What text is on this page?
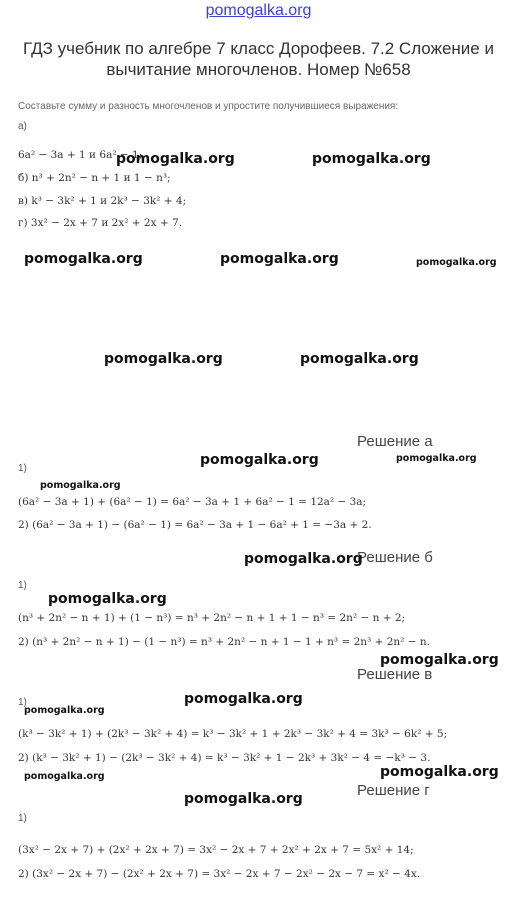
pomogalka.org
ГДЗ учебник по алгебре 7 класс Дорофеев. 7.2 Сложение и
вычитание многочленов. Номер №658
Составьте сумму и разность многочленов и упростите получившиеся выражения:
а)
6a² − 3a + 1 и 6a² − 1;
б) n³ + 2n² − n + 1 и 1 − n³;
в) k³ − 3k² + 1 и 2k³ − 3k² + 4;
г) 3x² − 2x + 7 и 2x² + 2x + 7.
Решение а
1)
(6a² − 3a + 1) + (6a² − 1) = 6a² − 3a + 1 + 6a² − 1 = 12a² − 3a;
2) (6a² − 3a + 1) − (6a² − 1) = 6a² − 3a + 1 − 6a² + 1 = −3a + 2.
Решение б
1)
(n³ + 2n² − n + 1) + (1 − n³) = n³ + 2n² − n + 1 + 1 − n³ = 2n² − n + 2;
2) (n³ + 2n² − n + 1) − (1 − n³) = n³ + 2n² − n + 1 − 1 + n³ = 2n³ + 2n² − n.
Решение в
1)
(k³ − 3k² + 1) + (2k³ − 3k² + 4) = k³ − 3k² + 1 + 2k³ − 3k² + 4 = 3k³ − 6k² + 5;
2) (k³ − 3k² + 1) − (2k³ − 3k² + 4) = k³ − 3k² + 1 − 2k³ + 3k² − 4 = −k³ − 3.
Решение г
1)
(3x² − 2x + 7) + (2x² + 2x + 7) = 3x² − 2x + 7 + 2x² + 2x + 7 = 5x² + 14;
2) (3x² − 2x + 7) − (2x² + 2x + 7) = 3x² − 2x + 7 − 2x² − 2x − 7 = x² − 4x.
pomogalka.org	pomogalka.org
pomogalka.org	pomogalka.org	pomogalka.org
pomogalka.org	pomogalka.org
pomogalka.org	pomogalka.org
pomogalka.org
pomogalka.org
pomogalka.org
pomogalka.org
pomogalka.org
pomogalka.org
pomogalka.org	pomogalka.org
pomogalka.org
